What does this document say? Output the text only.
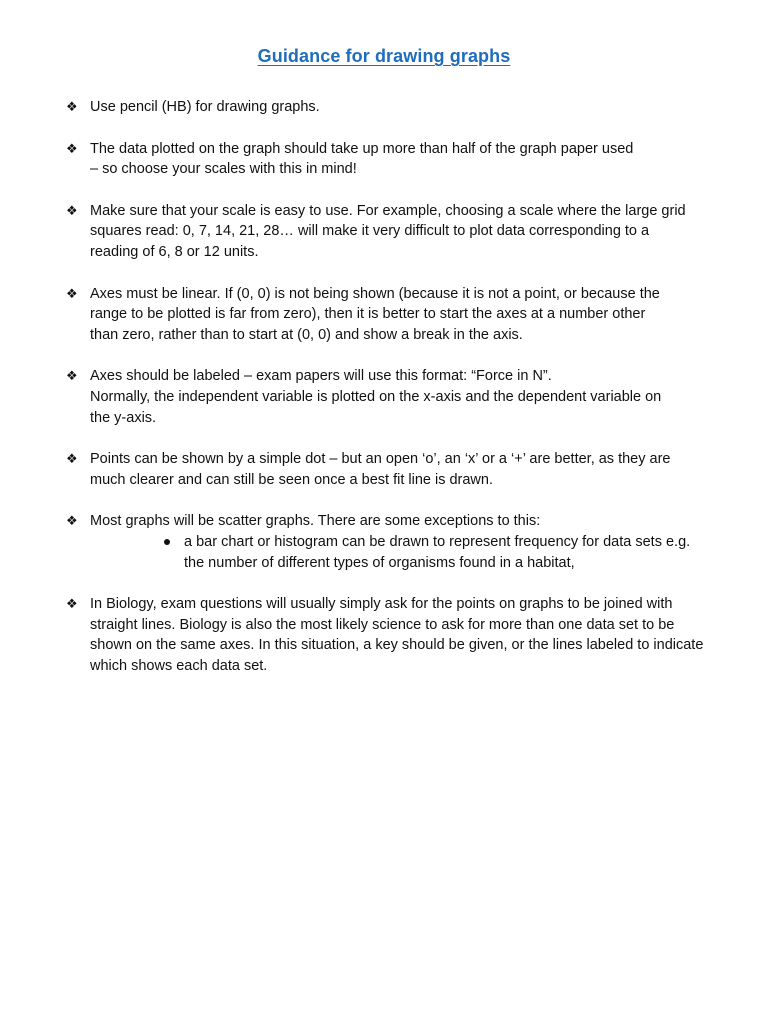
Guidance for drawing graphs
❖ Use pencil (HB) for drawing graphs.
❖ The data plotted on the graph should take up more than half of the graph paper used
– so choose your scales with this in mind!
❖ Make sure that your scale is easy to use. For example, choosing a scale where the large grid
squares read: 0, 7, 14, 21, 28… will make it very difficult to plot data corresponding to a
reading of 6, 8 or 12 units.
❖ Axes must be linear. If (0, 0) is not being shown (because it is not a point, or because the
range to be plotted is far from zero), then it is better to start the axes at a number other
than zero, rather than to start at (0, 0) and show a break in the axis.
❖ Axes should be labeled – exam papers will use this format: “Force in N”.
Normally, the independent variable is plotted on the x-axis and the dependent variable on
the y-axis.
❖ Points can be shown by a simple dot – but an open ‘o’, an ‘x’ or a ‘+’ are better, as they are
much clearer and can still be seen once a best fit line is drawn.
❖ Most graphs will be scatter graphs. There are some exceptions to this:
a bar chart or histogram can be drawn to represent frequency for data sets e.g.
the number of different types of organisms found in a habitat,
❖ In Biology, exam questions will usually simply ask for the points on graphs to be joined with
straight lines. Biology is also the most likely science to ask for more than one data set to be
shown on the same axes. In this situation, a key should be given, or the lines labeled to indicate
which shows each data set.
